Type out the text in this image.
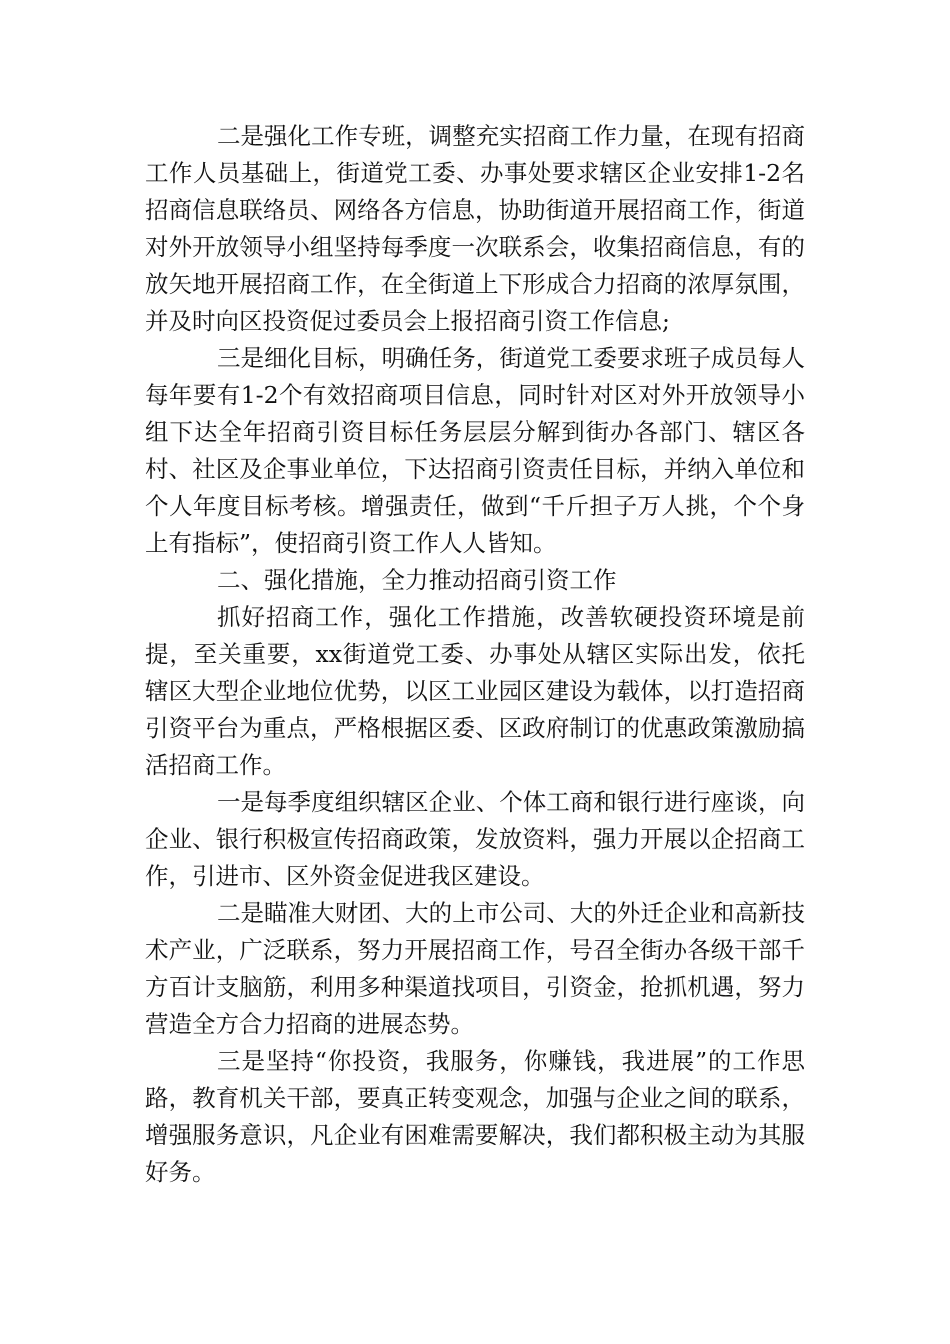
二是强化工作专班，调整充实招商工作力量，在现有招商工作人员基础上，街道党工委、办事处要求辖区企业安排1-2名招商信息联络员、网络各方信息，协助街道开展招商工作，街道对外开放领导小组坚持每季度一次联系会，收集招商信息，有的放矢地开展招商工作，在全街道上下形成合力招商的浓厚氛围，并及时向区投资促过委员会上报招商引资工作信息;

三是细化目标，明确任务，街道党工委要求班子成员每人每年要有1-2个有效招商项目信息，同时针对区对外开放领导小组下达全年招商引资目标任务层层分解到街办各部门、辖区各村、社区及企事业单位，下达招商引资责任目标，并纳入单位和个人年度目标考核。增强责任，做到“千斤担子万人挑，个个身上有指标”，使招商引资工作人人皆知。

二、强化措施，全力推动招商引资工作

抓好招商工作，强化工作措施，改善软硬投资环境是前提，至关重要，xx街道党工委、办事处从辖区实际出发，依托辖区大型企业地位优势，以区工业园区建设为载体，以打造招商引资平台为重点，严格根据区委、区政府制订的优惠政策激励搞活招商工作。

一是每季度组织辖区企业、个体工商和银行进行座谈，向企业、银行积极宣传招商政策，发放资料，强力开展以企招商工作，引进市、区外资金促进我区建设。

二是瞄准大财团、大的上市公司、大的外迁企业和高新技术产业，广泛联系，努力开展招商工作，号召全街办各级干部千方百计支脑筋，利用多种渠道找项目，引资金，抢抓机遇，努力营造全方合力招商的进展态势。

三是坚持“你投资，我服务，你赚钱，我进展”的工作思路，教育机关干部，要真正转变观念，加强与企业之间的联系，增强服务意识，凡企业有困难需要解决，我们都积极主动为其服好务。
